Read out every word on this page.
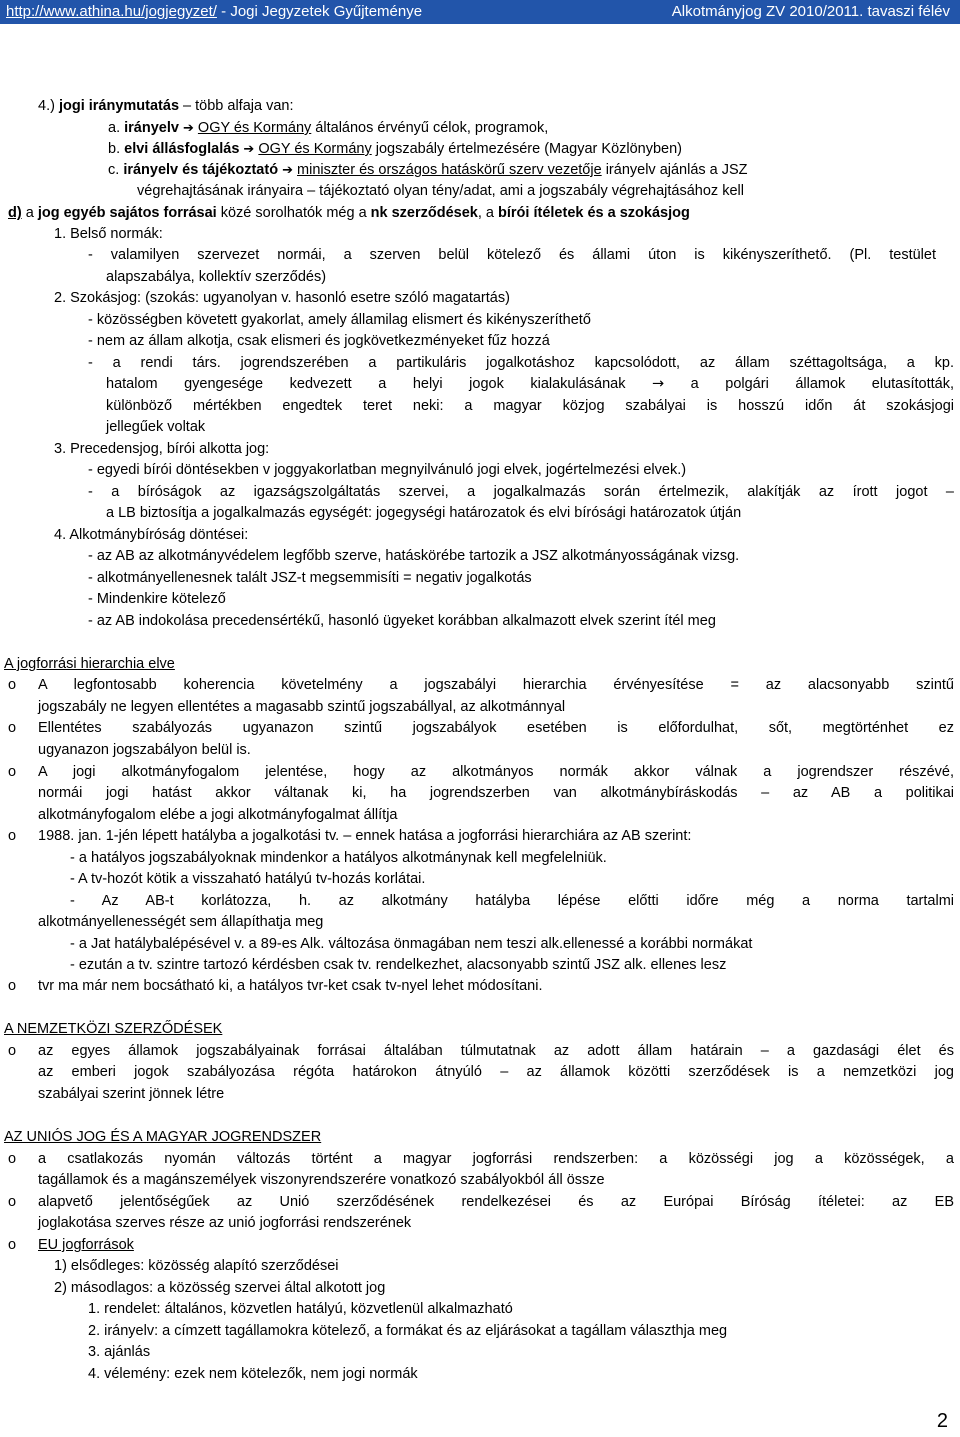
http://www.athina.hu/jogjegyzet/ - Jogi Jegyzetek Gyűjteménye	Alkotmányjog ZV 2010/2011. tavaszi félév
4.) jogi iránymutatás – több alfaja van:
a. irányelv ➔ OGY és Kormány általános érvényű célok, programok,
b. elvi állásfoglalás ➔ OGY és Kormány jogszabály értelmezésére (Magyar Közlönyben)
c. irányelv és tájékoztató ➔ miniszter és országos hatáskörű szerv vezetője irányelv ajánlás a JSZ
végrehajtásának irányaira – tájékoztató olyan tény/adat, ami a jogszabály végrehajtásához kell
d) a jog egyéb sajátos forrásai közé sorolhatók még a nk szerződések, a bírói ítéletek és a szokásjog
1. Belső normák:
- valamilyen szervezet normái, a szerven belül kötelező és állami úton is kikényszeríthető. (Pl. testület
alapszabálya, kollektív szerződés)
2. Szokásjog: (szokás: ugyanolyan v. hasonló esetre szóló magatartás)
- közösségben követett gyakorlat, amely államilag elismert és kikényszeríthető
- nem az állam alkotja, csak elismeri és jogkövetkezményeket fűz hozzá
- a rendi társ. jogrendszerében a partikuláris jogalkotáshoz kapcsolódott, az állam széttagoltsága, a kp.
hatalom gyengesége kedvezett a helyi jogok kialakulásának → a polgári államok elutasították,
különböző mértékben engedtek teret neki: a magyar közjog szabályai is hosszú időn át szokásjogi
jellegűek voltak
3. Precedensjog, bírói alkotta jog:
- egyedi bírói döntésekben v joggyakorlatban megnyilvánuló jogi elvek, jogértelmezési elvek.)
- a bíróságok az igazságszolgáltatás szervei, a jogalkalmazás során értelmezik, alakítják az írott jogot –
a LB biztosítja a jogalkalmazás egységét: jogegységi határozatok és elvi bírósági határozatok útján
4. Alkotmánybíróság döntései:
- az AB az alkotmányvédelem legfőbb szerve, hatáskörébe tartozik a JSZ alkotmányosságának vizsg.
- alkotmányellenesnek talált JSZ-t megsemmisíti = negativ jogalkotás
- Mindenkire kötelező
- az AB indokolása precedensértékű, hasonló ügyeket korábban alkalmazott elvek szerint ítél meg
A jogforrási hierarchia elve
o A legfontosabb koherencia követelmény a jogszabályi hierarchia érvényesítése = az alacsonyabb szintű
jogszabály ne legyen ellentétes a magasabb szintű jogszabállyal, az alkotmánnyal
o Ellentétes szabályozás ugyanazon szintű jogszabályok esetében is előfordulhat, sőt, megtörténhet ez
ugyanazon jogszabályon belül is.
o A jogi alkotmányfogalom jelentése, hogy az alkotmányos normák akkor válnak a jogrendszer részévé,
normái jogi hatást akkor váltanak ki, ha jogrendszerben van alkotmánybíráskodás – az AB a politikai
alkotmányfogalom elébe a jogi alkotmányfogalmat állítja
o 1988. jan. 1-jén lépett hatályba a jogalkotási tv. – ennek hatása a jogforrási hierarchiára az AB szerint:
- a hatályos jogszabályoknak mindenkor a hatályos alkotmánynak kell megfelelniük.
- A tv-hozót kötik a visszaható hatályú tv-hozás korlátai.
- Az AB-t korlátozza, h. az alkotmány hatályba lépése előtti időre még a norma tartalmi
alkotmányellenességét sem állapíthatja meg
- a Jat hatálybalépésével v. a 89-es Alk. változása önmagában nem teszi alk.ellenessé a korábbi normákat
- ezután a tv. szintre tartozó kérdésben csak tv. rendelkezhet, alacsonyabb szintű JSZ alk. ellenes lesz
o tvr ma már nem bocsátható ki, a hatályos tvr-ket csak tv-nyel lehet módosítani.
A NEMZETKÖZI SZERZŐDÉSEK
o az egyes államok jogszabályainak forrásai általában túlmutatnak az adott állam határain – a gazdasági élet és
az emberi jogok szabályozása régóta határokon átnyúló – az államok közötti szerződések is a nemzetközi jog
szabályai szerint jönnek létre
AZ UNIÓS JOG ÉS A MAGYAR JOGRENDSZER
o a csatlakozás nyomán változás történt a magyar jogforrási rendszerben: a közösségi jog a közösségek, a
tagállamok és a magánszemélyek viszonyrendszerére vonatkozó szabályokból áll össze
o alapvető jelentőségűek az Unió szerződésének rendelkezései és az Európai Bíróság ítéletei: az EB
joglakotása szerves része az unió jogforrási rendszerének
o EU jogforrások
1) elsődleges: közösség alapító szerződései
2) másodlagos: a közösség szervei által alkotott jog
1. rendelet: általános, közvetlen hatályú, közvetlenül alkalmazható
2. irányelv: a címzett tagállamokra kötelező, a formákat és az eljárásokat a tagállam választhja meg
3. ajánlás
4. vélemény: ezek nem kötelezők, nem jogi normák
2
